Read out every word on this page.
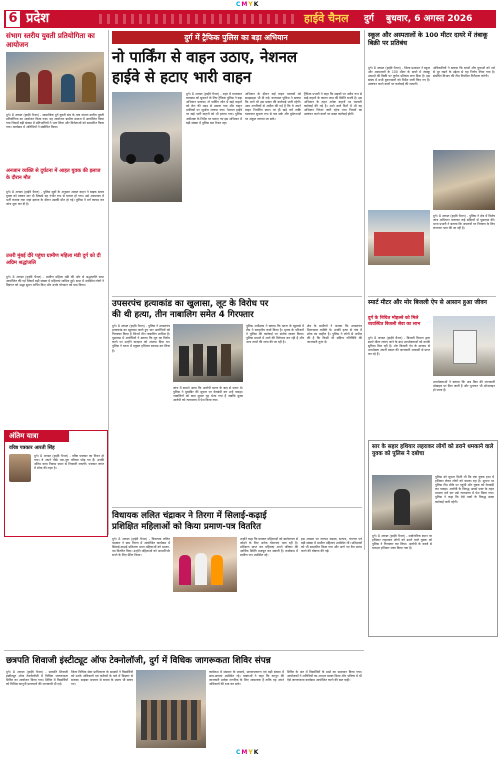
CMYK
6 प्रदेश	हाईवे चैनल दुर्ग बुधवार, 6 अगस्त 2026
संभाग स्तरीय युवती प्रतियोगिता का आयोजन
दुर्ग। 8 अगस्त (हाईवे चैनल) - सामाजिक दुर्ग युवती संघ के तत्व संभाग स्तरीय युवती प्रतियोगिता का आयोजन किया गया। यह आयोजन ग्रामीण समाज में आयोजित किया गया जिसमें बड़ी संख्या में प्रतिभागियों ने भाग लिया और विजेताओं को सम्मानित किया गया। कार्यक्रम में अतिथियों ने संबोधित किया।
अनजान व्यक्ति से दुर्घटना में आहत युवक की इलाज के दौरान मौत
दुर्ग। 8 अगस्त (हाईवे चैनल) - पुलिस सूत्रों के अनुसार अज्ञात वाहन ने बाइक सवार युवक को टक्कर मार दी जिससे वह गंभीर रूप से घायल हो गया। उसे अस्पताल में भर्ती कराया गया जहां इलाज के दौरान उसकी मौत हो गई। पुलिस ने मर्ग कायम कर जांच शुरू कर दी है।
उत्तरी मुंबई दौरे पहुंचा ग्रामीण महिला मंडी दुर्ग को दी अग्रिम श्रद्धांजलि
दुर्ग। 8 अगस्त (हाईवे चैनल) - ग्रामीण महिला मंडी की ओर से श्रद्धांजलि सभा आयोजित की गई जिसमें बड़ी संख्या में महिलाएं शामिल हुईं। सभा में उपस्थित लोगों ने दिवंगत को श्रद्धा सुमन अर्पित किए और उनके योगदान को याद किया।
अंतिम यात्रा
वरिष्ठ पत्रकार आरती सिंह
दुर्ग। 8 अगस्त (हाईवे चैनल) - वरिष्ठ पत्रकार का निधन हो गया। वे अपने पीछे भरा-पूरा परिवार छोड़ गए हैं। उनकी अंतिम यात्रा निवास स्थान से निकाली जाएगी। पत्रकार जगत में शोक की लहर है।
दुर्ग में ट्रैफिक पुलिस का बड़ा अभियान
नो पार्किंग से वाहन उठाए, नेशनल
हाईवे से हटाए भारी वाहन
दुर्ग। 8 अगस्त (हाईवे चैनल) - शहर में यातायात व्यवस्था को सुधारने के लिए ट्रैफिक पुलिस ने बड़ा अभियान चलाया। नो पार्किंग जोन में खड़े वाहनों को क्रेन की मदद से उठाया गया और वाहन मालिकों पर जुर्माना लगाया गया। नेशनल हाईवे पर खड़े भारी वाहनों को भी हटाया गया। पुलिस अधीक्षक के निर्देश पर चलाए गए इस अभियान में बड़ी संख्या में पुलिस बल तैनात रहा।
अभियान के दौरान कई वाहन चालकों को समझाइश भी दी गई। यातायात पुलिस ने बताया कि आगे भी इस प्रकार की कार्रवाई जारी रहेगी। आम नागरिकों से अपील की गई है कि वे अपने वाहन निर्धारित स्थान पर ही खड़े करें ताकि यातायात सुचारु रूप से चल सके और दुर्घटनाओं पर अंकुश लगाया जा सके।
ट्रैफिक प्रभारी ने कहा कि सड़कों पर अवैध रूप से खड़े वाहनों के कारण जाम की स्थिति बनती है। इस अभियान के तहत अनेक वाहनों पर चालानी कार्रवाई की गई है। आने वाले दिनों में भी यह अभियान निरंतर जारी रहेगा तथा नियमों का उल्लंघन करने वालों पर सख्त कार्रवाई होगी।
स्कूल और अस्पतालों के 100 मीटर दायरे में तंबाकू बिक्री पर प्रतिबंध
दुर्ग। 8 अगस्त (हाईवे चैनल) - जिला प्रशासन ने स्कूल और अस्पतालों के 100 मीटर के दायरे में तंबाकू उत्पादों की बिक्री पर पूर्णतः प्रतिबंध लगा दिया है। इस संबंध में सभी दुकानदारों को निर्देश जारी किए गए हैं। उल्लंघन करने वालों पर कार्रवाई की जाएगी।
अधिकारियों ने बताया कि बच्चों और युवाओं को नशे से दूर रखने के उद्देश्य से यह निर्णय लिया गया है। संबंधित विभाग की टीम नियमित निरीक्षण करेगी।
दुर्ग। 8 अगस्त (हाईवे चैनल) - पुलिस ने क्षेत्र में विशेष जांच अभियान चलाकर कई संदिग्धों से पूछताछ की। थाना प्रभारी ने बताया कि अपराधों पर नियंत्रण के लिए लगातार गश्त की जा रही है।
उपसरपंच हत्याकांड का खुलासा, लूट के विरोध पर
की थी हत्या, तीन नाबालिग समेत 4 गिरफ्तार
दुर्ग। 8 अगस्त (हाईवे चैनल) - पुलिस ने उपसरपंच हत्याकांड का खुलासा करते हुए चार आरोपियों को गिरफ्तार किया है जिनमें तीन नाबालिग शामिल हैं। पूछताछ में आरोपियों ने बताया कि लूट का विरोध करने पर उन्होंने वारदात को अंजाम दिया था। पुलिस ने घटना में प्रयुक्त हथियार बरामद कर लिया है।
जांच में सामने आया कि आरोपी घटना के बाद से फरार थे। पुलिस ने मुखबिर की सूचना पर घेराबंदी कर उन्हें पकड़ा। नाबालिगों को बाल सुधार गृह भेजा गया है जबकि मुख्य आरोपी को न्यायालय में पेश किया गया।
पुलिस अधीक्षक ने बताया कि घटना के खुलासे में टीम ने सराहनीय कार्य किया है। मृतक के परिजनों ने पुलिस की कार्रवाई पर संतोष व्यक्त किया। पुलिस मामले में आगे की विवेचना कर रही है और अन्य तथ्यों की जांच की जा रही है।
क्षेत्र के ग्रामीणों ने बताया कि उपसरपंच मिलनसार व्यक्ति थे। उनकी हत्या से गांव में शोक का माहौल है। पुलिस ने लोगों से अपील की है कि किसी भी संदिग्ध गतिविधि की जानकारी तुरंत दें।
स्मार्ट मीटर और मोर बिजली ऐप से आसान हुआ जीवन
दुर्ग के निचित मोहल्ले को मिले व्यवस्थित बिजली सेवा का लाभ
दुर्ग। 8 अगस्त (हाईवे चैनल) - बिजली विभाग द्वारा स्मार्ट मीटर लगाए जाने के बाद उपभोक्ताओं को काफी सुविधा मिल रही है। मोर बिजली ऐप के माध्यम से उपभोक्ता अपनी खपत की जानकारी आसानी से प्राप्त कर रहे हैं।
उपभोक्ताओं ने बताया कि अब बिल की जानकारी मोबाइल पर मिल जाती है और भुगतान भी ऑनलाइन हो जाता है।
विधायक ललित चंद्राकर ने तिरगा में सिलाई-कढ़ाई
प्रशिक्षित महिलाओं को किया प्रमाण-पत्र वितरित
दुर्ग। 8 अगस्त (हाईवे चैनल) - विधायक ललित चंद्राकर ने ग्राम तिरगा में आयोजित कार्यक्रम में सिलाई-कढ़ाई प्रशिक्षण प्राप्त महिलाओं को प्रमाण-पत्र वितरित किए। उन्होंने महिलाओं को आत्मनिर्भर बनने के लिए प्रेरित किया।
उन्होंने कहा कि सरकार महिलाओं को स्वरोजगार से जोड़ने के लिए अनेक योजनाएं चला रही है। प्रशिक्षण प्राप्त कर महिलाएं अपने परिवार की आर्थिक स्थिति मजबूत कर सकती हैं। कार्यक्रम में ग्रामीण जन उपस्थित रहे।
इस अवसर पर जनपद सदस्य, सरपंच, पंचगण एवं बड़ी संख्या में ग्रामीण महिलाएं उपस्थित थीं। प्रशिक्षकों को भी सम्मानित किया गया और आगे नए बैच प्रारंभ करने की घोषणा की गई।
सार के सहार हथियार लहराकर लोगों को डराने धमकाने वाले युवक को पुलिस ने दबोचा
दुर्ग। 8 अगस्त (हाईवे चैनल) - सार्वजनिक स्थान पर हथियार लहराकर लोगों को डराने वाले युवक को पुलिस ने गिरफ्तार कर लिया। आरोपी के कब्जे से धारदार हथियार जब्त किया गया है।
पुलिस को सूचना मिली थी कि एक युवक हाथ में हथियार लेकर लोगों को धमका रहा है। सूचना पर पुलिस टीम मौके पर पहुंची और युवक को घेराबंदी कर पकड़ा। आरोपी के विरुद्ध आर्म्स एक्ट के तहत मामला दर्ज कर उसे न्यायालय में पेश किया गया। पुलिस ने कहा कि ऐसे तत्वों के विरुद्ध सख्त कार्रवाई जारी रहेगी।
छत्रपति शिवाजी इंस्टीट्यूट ऑफ टेक्नोलॉजी, दुर्ग में विधिक जागरूकता शिविर संपन्न
दुर्ग। 8 अगस्त (हाईवे चैनल) - छत्रपति शिवाजी इंस्टीट्यूट ऑफ टेक्नोलॉजी में विधिक जागरूकता शिविर का आयोजन किया गया। शिविर में विद्यार्थियों को विभिन्न कानूनी प्रावधानों की जानकारी दी गई।
जिला विधिक सेवा प्राधिकरण के सदस्यों ने विद्यार्थियों को उनके अधिकारों एवं कर्तव्यों के बारे में विस्तार से बताया। साइबर अपराध से बचाव के उपाय भी बताए गए।
कार्यक्रम में संस्थान के प्राचार्य, प्राध्यापकगण एवं बड़ी संख्या में छात्र-छात्राएं उपस्थित रहे। वक्ताओं ने कहा कि कानून की जानकारी प्रत्येक नागरिक के लिए आवश्यक है ताकि वह अपने अधिकारों की रक्षा कर सके।
शिविर के अंत में विद्यार्थियों के प्रश्नों का समाधान किया गया। आयोजकों ने अतिथियों का आभार व्यक्त किया और भविष्य में भी ऐसे जागरूकता कार्यक्रम आयोजित करने की बात कही।
CMYK
